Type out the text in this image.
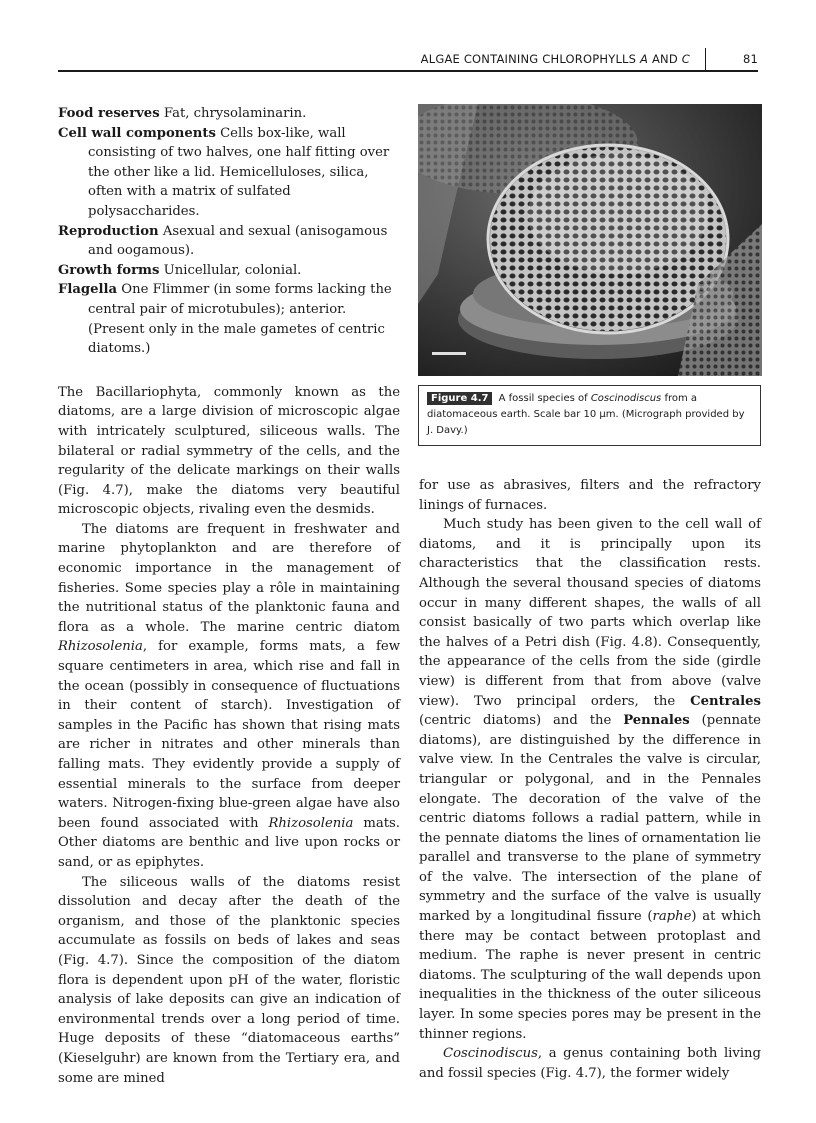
ALGAE CONTAINING CHLOROPHYLLS A AND C	81
Food reserves Fat, chrysolaminarin.
Cell wall components Cells box-like, wall consisting of two halves, one half fitting over the other like a lid. Hemicelluloses, silica, often with a matrix of sulfated polysaccharides.
Reproduction Asexual and sexual (anisogamous and oogamous).
Growth forms Unicellular, colonial.
Flagella One Flimmer (in some forms lacking the central pair of microtubules); anterior. (Present only in the male gametes of centric diatoms.)

The Bacillariophyta, commonly known as the diatoms, are a large division of microscopic algae with intricately sculptured, siliceous walls. The bilateral or radial symmetry of the cells, and the regularity of the delicate markings on their walls (Fig. 4.7), make the diatoms very beautiful microscopic objects, rivaling even the desmids.

The diatoms are frequent in freshwater and marine phytoplankton and are therefore of economic importance in the management of fisheries. Some species play a rôle in maintaining the nutritional status of the planktonic fauna and flora as a whole. The marine centric diatom Rhizosolenia, for example, forms mats, a few square centimeters in area, which rise and fall in the ocean (possibly in consequence of fluctuations in their content of starch). Investigation of samples in the Pacific has shown that rising mats are richer in nitrates and other minerals than falling mats. They evidently provide a supply of essential minerals to the surface from deeper waters. Nitrogen-fixing blue-green algae have also been found associated with Rhizosolenia mats. Other diatoms are benthic and live upon rocks or sand, or as epiphytes.

The siliceous walls of the diatoms resist dissolution and decay after the death of the organism, and those of the planktonic species accumulate as fossils on beds of lakes and seas (Fig. 4.7). Since the composition of the diatom flora is dependent upon pH of the water, floristic analysis of lake deposits can give an indication of environmental trends over a long period of time. Huge deposits of these “diatomaceous earths” (Kieselguhr) are known from the Tertiary era, and some are mined

Figure 4.7 A fossil species of Coscinodiscus from a diatomaceous earth. Scale bar 10 μm. (Micrograph provided by J. Davy.)

for use as abrasives, filters and the refractory linings of furnaces.

Much study has been given to the cell wall of diatoms, and it is principally upon its characteristics that the classification rests. Although the several thousand species of diatoms occur in many different shapes, the walls of all consist basically of two parts which overlap like the halves of a Petri dish (Fig. 4.8). Consequently, the appearance of the cells from the side (girdle view) is different from that from above (valve view). Two principal orders, the Centrales (centric diatoms) and the Pennales (pennate diatoms), are distinguished by the difference in valve view. In the Centrales the valve is circular, triangular or polygonal, and in the Pennales elongate. The decoration of the valve of the centric diatoms follows a radial pattern, while in the pennate diatoms the lines of ornamentation lie parallel and transverse to the plane of symmetry of the valve. The intersection of the plane of symmetry and the surface of the valve is usually marked by a longitudinal fissure (raphe) at which there may be contact between protoplast and medium. The raphe is never present in centric diatoms. The sculpturing of the wall depends upon inequalities in the thickness of the outer siliceous layer. In some species pores may be present in the thinner regions.

Coscinodiscus, a genus containing both living and fossil species (Fig. 4.7), the former widely
